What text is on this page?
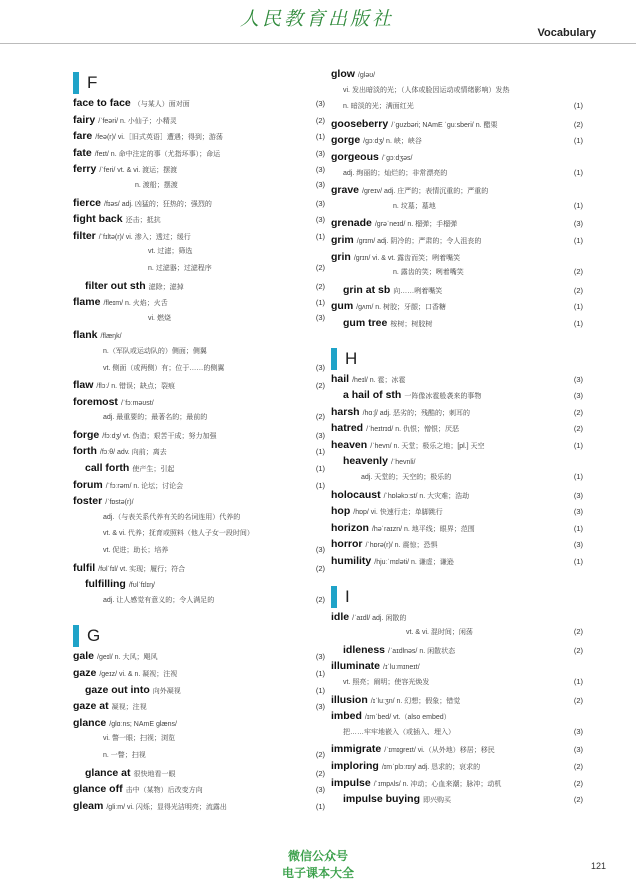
人民教育出版社
Vocabulary
F
face to face （与某人）面对面	(3)
fairy /ˈfeəri/ n. 小仙子；小精灵	(2)
fare /feə(r)/ vi.［旧式英语］遭遇；得到；游荡	(1)
fate /feɪt/ n. 命中注定的事（尤指坏事）；命运	(3)
ferry /ˈferi/ vt. & vi. 渡运；摆渡	(3)
n. 渡船；摆渡	(3)
fierce /fɪəs/ adj. 凶猛的；狂热的；强烈的	(3)
fight back 还击；抵抗	(3)
filter /ˈfɪltə(r)/ vi. 渗入；透过；缓行	(1)
vt. 过滤；筛选
n. 过滤器；过滤程序	(2)
filter out sth 滤除；滤掉	(2)
flame /fleɪm/ n. 火焰；火舌	(1)
vi. 燃烧	(3)
flank /flæŋk/
n.（军队或运动队的）侧面；侧翼
vt. 侧面（或两侧）有；位于……的侧翼	(3)
flaw /flɔː/ n. 错误；缺点；裂痕	(2)
foremost /ˈfɔːməʊst/
adj. 最重要的；最著名的；最前的	(2)
forge /fɔːdʒ/ vt. 伪造；艰苦干成；努力加强	(3)
forth /fɔːθ/ adv. 向前；离去	(1)
call forth 使产生；引起	(1)
forum /ˈfɔːrəm/ n. 论坛；讨论会	(1)
foster /ˈfɒstə(r)/
adj.（与表关系代养有关的名词连用）代养的
vt. & vi. 代养；抚育或照料（他人子女一段时间）
vt. 促进；助长；培养	(3)
fulfil /fʊlˈfɪl/ vt. 实现；履行；符合	(2)
fulfilling /fʊlˈfɪlɪŋ/
adj. 让人感觉有意义的；令人满足的	(2)
G
gale /ɡeɪl/ n. 大风；飓风	(3)
gaze /ɡeɪz/ vi. & n. 凝视；注视	(1)
gaze out into 向外凝视	(1)
gaze at 凝视；注视	(3)
glance /ɡlɑːns; NAmE ɡlæns/
vi. 瞥一眼；扫视；浏览
n. 一瞥；扫视	(2)
glance at 很快地看一眼	(2)
glance off 击中（某物）后改变方向	(3)
gleam /ɡliːm/ vi. 闪烁；显得光洁明亮；流露出	(1)
glow /ɡləʊ/
vi. 发出暗淡的光；（人体或脸因运动或情绪影响）发热
n. 暗淡的光；满面红光	(1)
gooseberry /ˈɡʊzbəri; NAmE ˈɡuːsberi/ n. 醋栗	(2)
gorge /ɡɔːdʒ/ n. 峡；峡谷	(1)
gorgeous /ˈɡɔːdʒəs/
adj. 绚丽的；灿烂的；非常漂亮的	(1)
grave /ɡreɪv/ adj. 庄严的；表情沉重的；严重的
n. 坟墓；墓地	(1)
grenade /ɡrəˈneɪd/ n. 榴弹；手榴弹	(3)
grim /ɡrɪm/ adj. 阴冷的；严肃的；令人沮丧的	(1)
grin /ɡrɪn/ vi. & vt. 露齿而笑；咧着嘴笑
n. 露齿的笑；咧着嘴笑	(2)
grin at sb 向……咧着嘴笑	(2)
gum /ɡʌm/ n. 树胶；牙龈；口香糖	(1)
gum tree 桉树；树胶树	(1)
H
hail /heɪl/ n. 雹；冰雹	(3)
a hail of sth 一阵像冰雹般袭来的事物	(3)
harsh /hɑːʃ/ adj. 恶劣的；残酷的；刺耳的	(2)
hatred /ˈheɪtrɪd/ n. 仇恨；憎恨；厌恶	(2)
heaven /ˈhevn/ n. 天堂；极乐之地；[pl.] 天空	(1)
heavenly /ˈhevnli/
adj. 天堂的；天空的；极乐的	(1)
holocaust /ˈhɒləkɔːst/ n. 大灾难；浩劫	(3)
hop /hɒp/ vi. 快速行走；单脚跳行	(3)
horizon /həˈraɪzn/ n. 地平线；眼界；范围	(1)
horror /ˈhɒrə(r)/ n. 震惊；恐惧	(3)
humility /hjuːˈmɪləti/ n. 谦虚；谦逊	(1)
I
idle /ˈaɪdl/ adj. 闲散的
vt. & vi. 混时间；闲荡	(2)
idleness /ˈaɪdlnəs/ n. 闲散状态	(2)
illuminate /ɪˈluːmɪneɪt/
vt. 照亮；阐明；使容光焕发	(1)
illusion /ɪˈluːʒn/ n. 幻想；假象；错觉	(2)
imbed /ɪmˈbed/ vt.（also embed）
把……牢牢地嵌入（或插入、埋入）	(3)
immigrate /ˈɪmɪɡreɪt/ vi.（从外地）移居；移民	(3)
imploring /ɪmˈplɔːrɪŋ/ adj. 恳求的；哀求的	(2)
impulse /ˈɪmpʌls/ n. 冲动；心血来潮；脉冲；动机	(2)
impulse buying 即兴购买	(2)
微信公众号
电子课本大全	121
